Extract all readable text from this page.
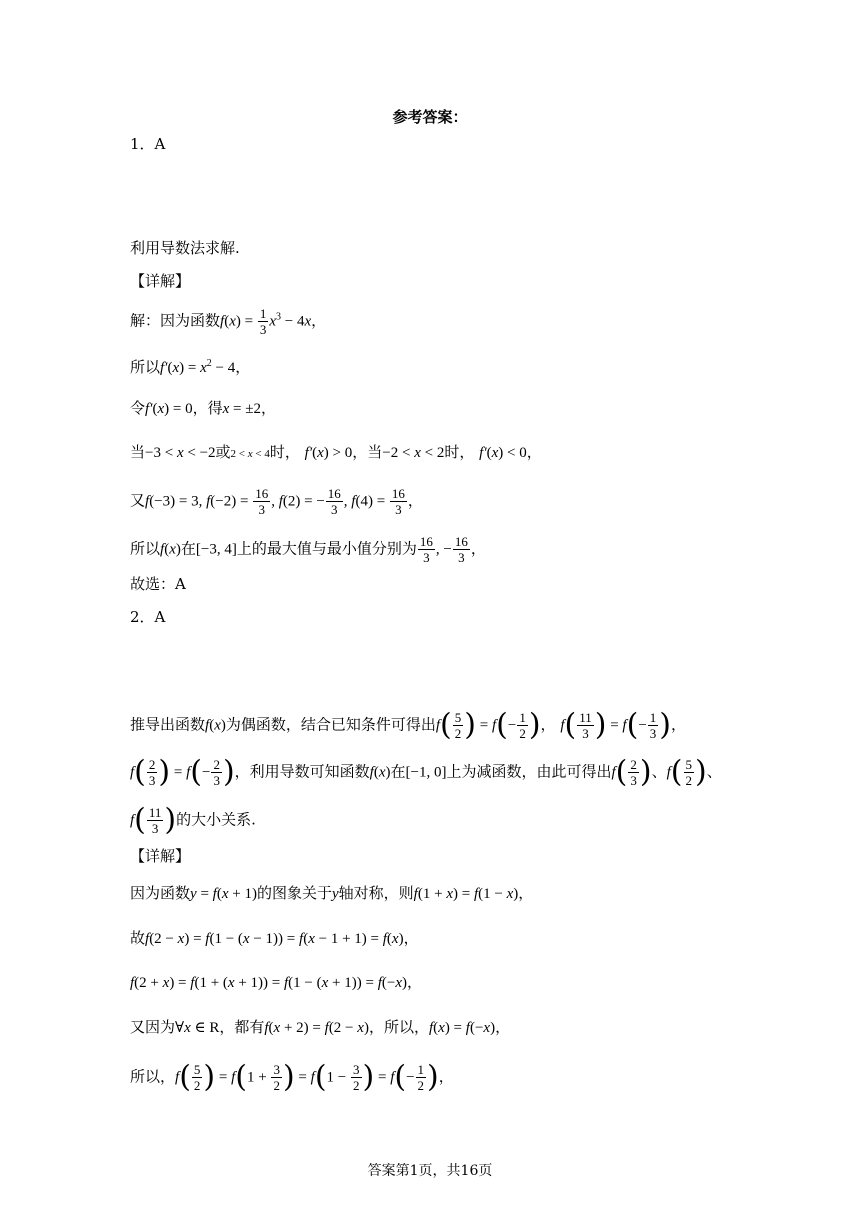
参考答案：
1．A
利用导数法求解.
【详解】
解：因为函数$f(x) = \frac{1}{3} x^3 - 4x$，
所以$f'(x) = x^2 - 4$，
令f′(x) = 0，得x = ±2，
当−3 < x < −2或2 < x < 4时， f′(x) > 0，当−2 < x < 2时， f′(x) < 0，
又f(−3) = 3, $f(-2) = \frac{16}{3}$ , f(2) = − $\frac{16}{3}$ , $f(4) = \frac{16}{3}$ ，
所以f(x)在[−3, 4]上的最大值与最小值分别为 $\frac{16}{3}$ , − $\frac{16}{3}$ ，
故选：A
2．A
推导出函数f(x)为偶函数，结合已知条件可得出$f( \frac{5}{2}$ ) = $f(- \frac{1}{2}$ )， $f( \frac{11}{3}$ ) = $f(- \frac{1}{3}$ )，
$f( \frac{2}{3}$ ) = $f(- \frac{2}{3}$ )，利用导数可知函数f(x)在[−1, 0]上为减函数，由此可得出$f( \frac{2}{3}$ )、$f( \frac{5}{2}$ )、
$f( \frac{11}{3}$ )的大小关系.
【详解】
因为函数y = f(x + 1)的图象关于y轴对称，则f(1 + x) = f(1 − x)，
故f(2 − x) = f(1 − (x − 1)) = f(x − 1 + 1) = f(x)，
f(2 + x) = f(1 + (x + 1)) = f(1 − (x + 1)) = f(−x)，
又因为∀x ∈ R，都有f(x + 2) = f(2 − x)，所以，f(x) = f(−x)，
所以，$f( \frac{5}{2}$ ) = $f(1 + \frac{3}{2}$ ) = $f(1 - \frac{3}{2}$ ) = $f(- \frac{1}{2}$ )，
答案第1页，共16页
